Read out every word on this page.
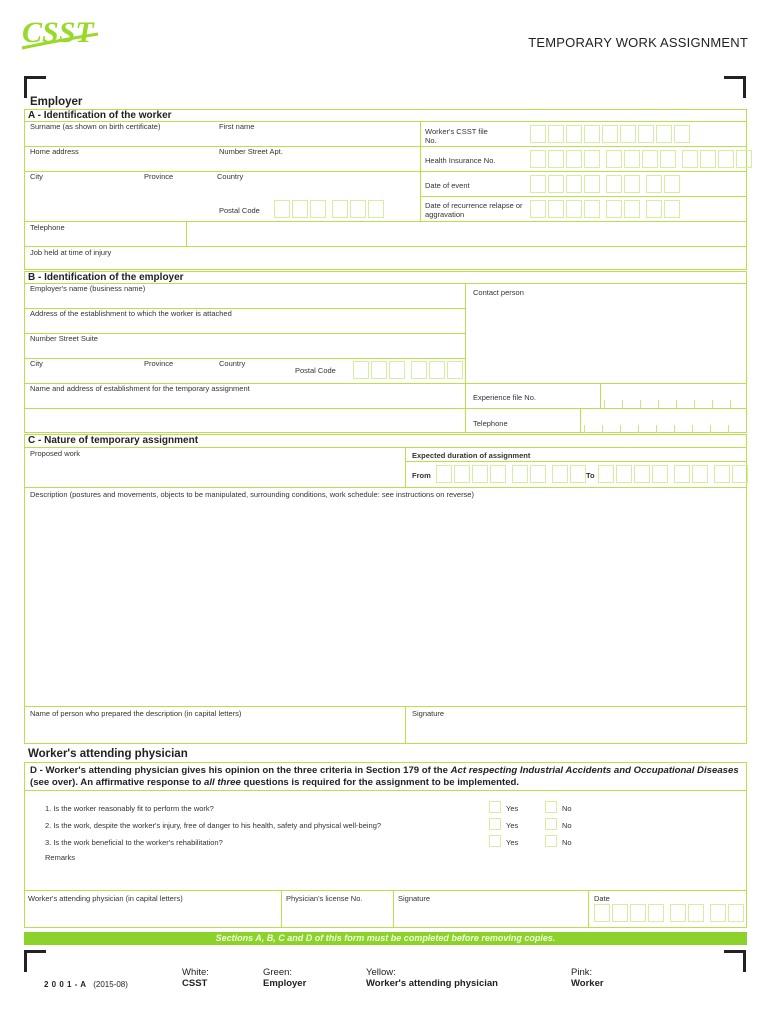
CSST	TEMPORARY WORK ASSIGNMENT
Employer
A - Identification of the worker
Surname (as shown on birth certificate)	First name
Worker's CSST file No.
Home address	Number Street Apt.
Health Insurance No.
City	Province	Country
Date of event
Postal Code
Date of recurrence relapse or aggravation
Telephone
Job held at time of injury
B - Identification of the employer
Employer's name (business name)	Contact person
Address of the establishment to which the worker is attached
Number Street Suite
City	Province	Country
Postal Code
Name and address of establishment for the temporary assignment
Experience file No.
Telephone
C - Nature of temporary assignment
Proposed work	Expected duration of assignment
From	To
Description (postures and movements, objects to be manipulated, surrounding conditions, work schedule: see instructions on reverse)
Name of person who prepared the description (in capital letters)	Signature
Worker's attending physician
D - Worker's attending physician gives his opinion on the three criteria in Section 179 of the Act respecting Industrial Accidents and Occupational Diseases (see over). An affirmative response to all three questions is required for the assignment to be implemented.
1. Is the worker reasonably fit to perform the work?	Yes	No
2. Is the work, despite the worker's injury, free of danger to his health, safety and physical well-being?	Yes	No
3. Is the work beneficial to the worker's rehabilitation?	Yes	No
Remarks
Worker's attending physician (in capital letters)	Physician's license No.	Signature	Date
Sections A, B, C and D of this form must be completed before removing copies.
2 0 0 1 - A (2015-08)
White:
CSST
Green:
Employer
Yellow:
Worker's attending physician
Pink:
Worker
